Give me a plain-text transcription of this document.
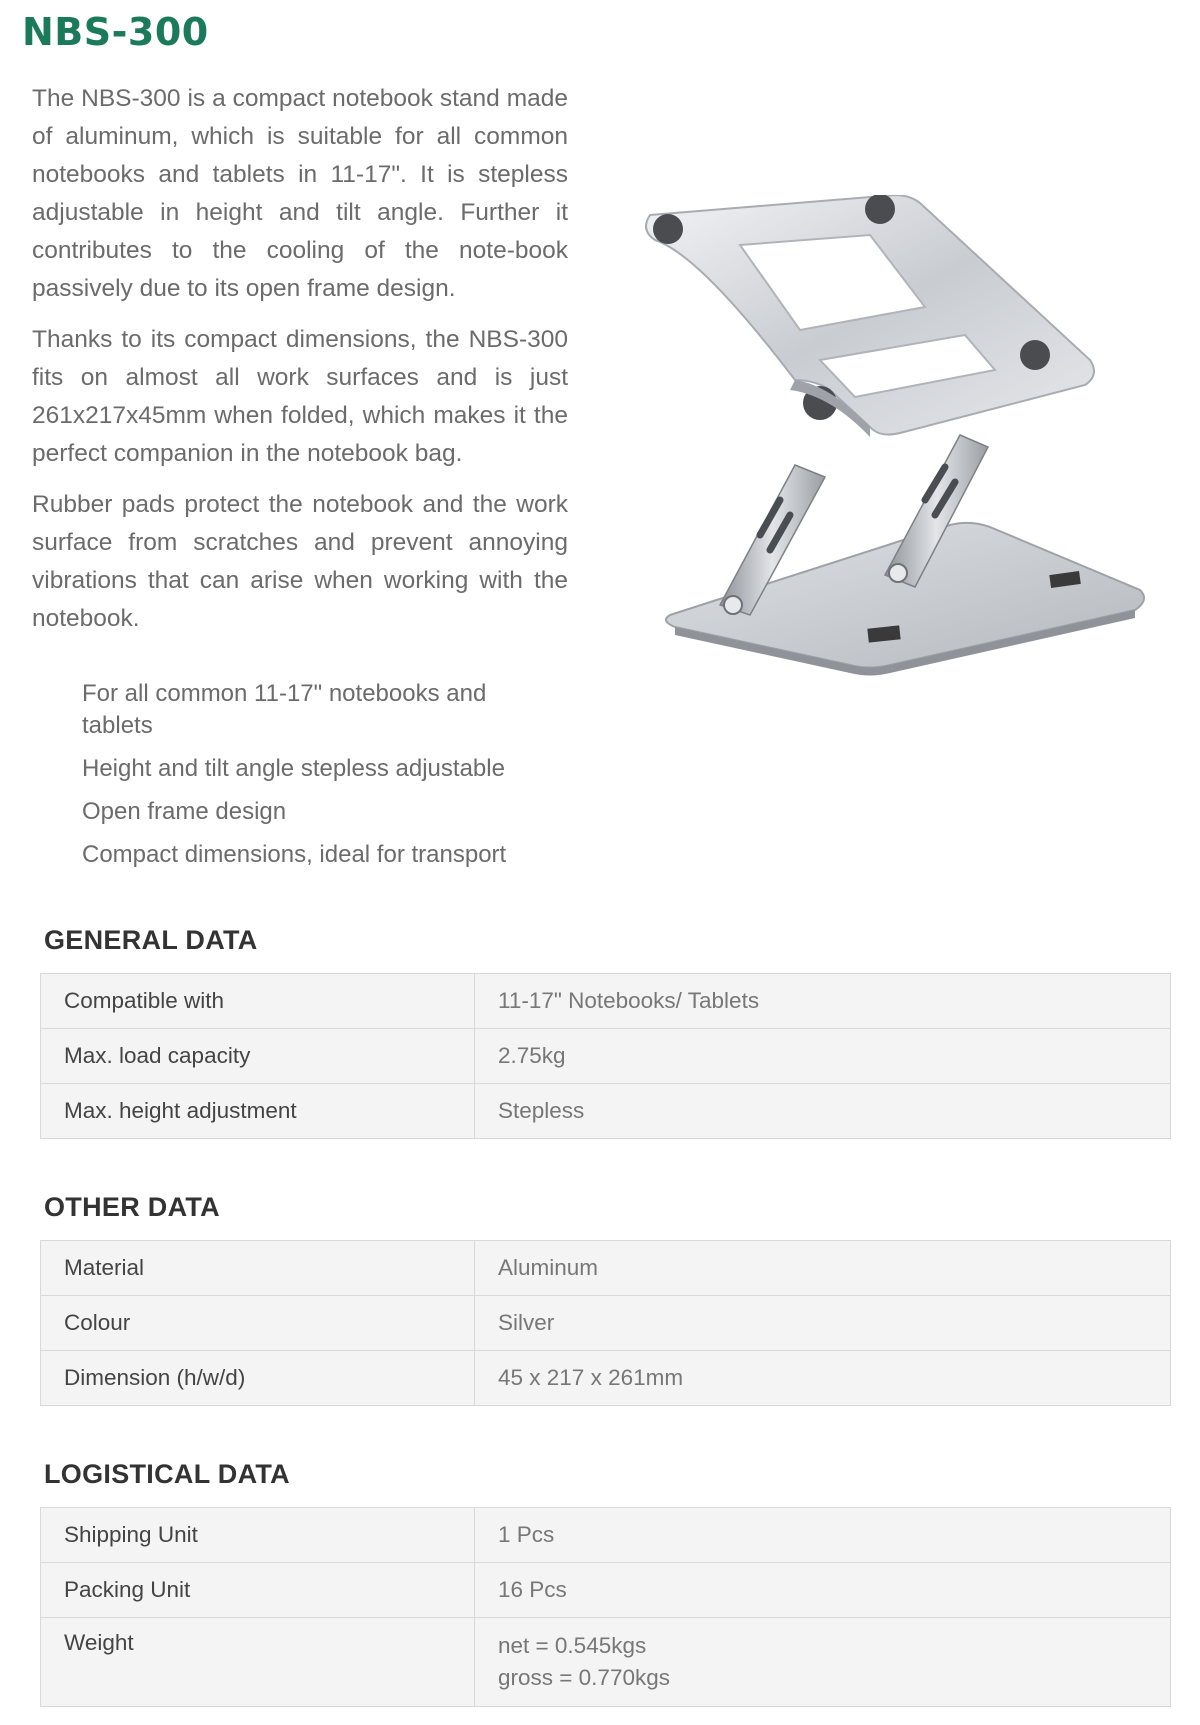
NBS-300

The NBS-300 is a compact notebook stand made of aluminum, which is suitable for all common notebooks and tablets in 11-17". It is stepless adjustable in height and tilt angle. Further it contributes to the cooling of the note-book passively due to its open frame design.

Thanks to its compact dimensions, the NBS-300 fits on almost all work surfaces and is just 261x217x45mm when folded, which makes it the perfect companion in the notebook bag.

Rubber pads protect the notebook and the work surface from scratches and prevent annoying vibrations that can arise when working with the notebook.

For all common 11-17" notebooks and tablets
Height and tilt angle stepless adjustable
Open frame design
Compact dimensions, ideal for transport
GENERAL DATA
Compatible with	11-17" Notebooks/ Tablets
Max. load capacity	2.75kg
Max. height adjustment	Stepless
OTHER DATA
Material	Aluminum
Colour	Silver
Dimension (h/w/d)	45 x 217 x 261mm
LOGISTICAL DATA
Shipping Unit	1 Pcs
Packing Unit	16 Pcs
Weight	net = 0.545kgs
gross = 0.770kgs
